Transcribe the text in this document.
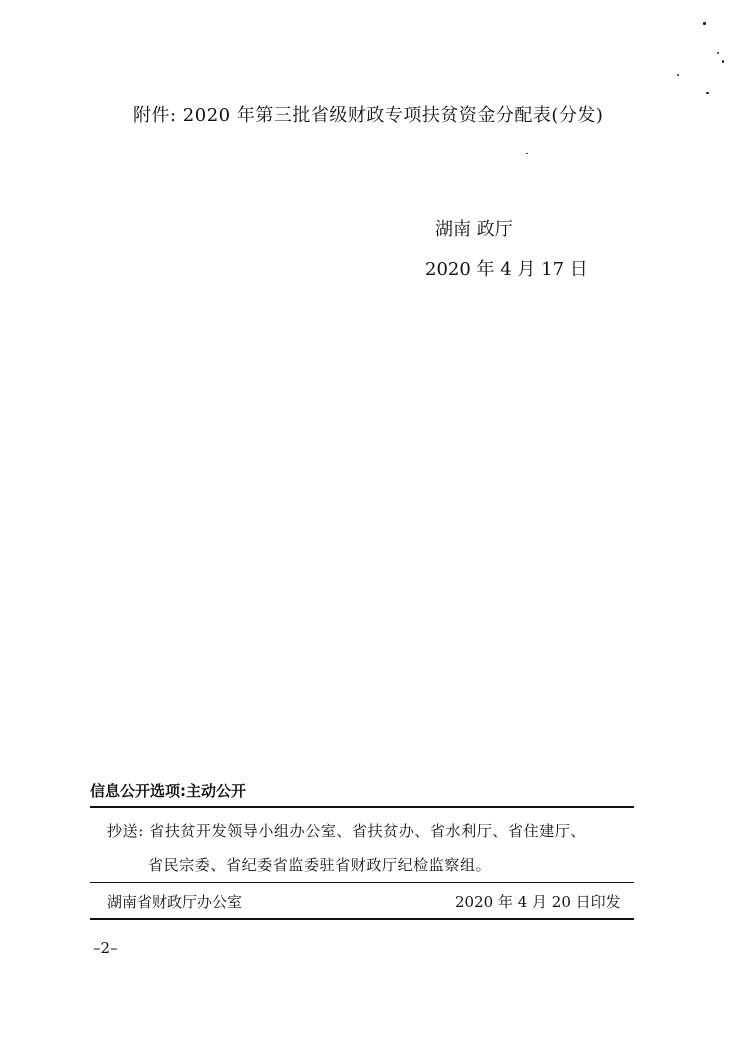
附件: 2020 年第三批省级财政专项扶贫资金分配表(分发)
湖南 政厅
2020 年 4 月 17 日
信息公开选项:主动公开
抄送: 省扶贫开发领导小组办公室、省扶贫办、省水利厅、省住建厅、
省民宗委、省纪委省监委驻省财政厅纪检监察组。
湖南省财政厅办公室	2020 年 4 月 20 日印发
–2–
